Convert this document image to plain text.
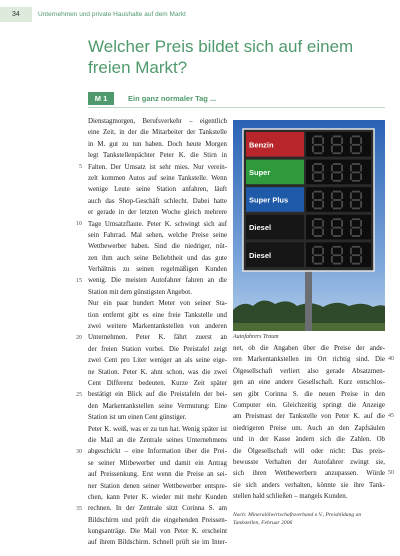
34	Unternehmen und private Haushalte auf dem Markt
Welcher Preis bildet sich auf einem
freien Markt?
M 1	Ein ganz normaler Tag ...
Dienstagmorgen, Berufsverkehr – eigentlich
eine Zeit, in der die Mitarbeiter der Tankstelle
in M. gut zu tun haben. Doch heute Morgen
legt Tankstellenpächter Peter K. die Stirn in
Falten. Der Umsatz ist sehr mies. Nur verein-
zelt kommen Autos auf seine Tankstelle. Wenn
wenige Leute seine Station anfahren, läuft
auch das Shop-Geschäft schlecht. Dabei hatte
er gerade in der letzten Woche gleich mehrere
Tage Umsatzflaute. Peter K. schwingt sich auf
sein Fahrrad. Mal sehen, welche Preise seine
Wettbewerber haben. Sind die niedriger, nüt-
zen ihm auch seine Beliebtheit und das gute
Verhältnis zu seinen regelmäßigen Kunden
wenig. Die meisten Autofahrer fahren an die
Station mit dem günstigsten Angebot.
Nur ein paar hundert Meter von seiner Sta-
tion entfernt gibt es eine freie Tankstelle und
zwei weitere Markentankstellen von anderen
Unternehmen. Peter K. fährt zuerst an
der freien Station vorbei. Die Preistafel zeigt
zwei Cent pro Liter weniger an als seine eige-
ne Station. Peter K. ahnt schon, was die zwei
Cent Differenz bedeuten. Kurze Zeit später
bestätigt ein Blick auf die Preistafeln der bei-
den Markentankstellen seine Vermutung: Eine
Station ist um einen Cent günstiger.
Peter K. weiß, was er zu tun hat. Wenig später ist
die Mail an die Zentrale seines Unternehmens
abgeschickt – eine Information über die Prei-
se seiner Mitbewerber und damit ein Antrag
auf Preissenkung. Erst wenn die Preise an sei-
ner Station denen seiner Wettbewerber entspre-
chen, kann Peter K. wieder mit mehr Kunden
rechnen. In der Zentrale sitzt Corinna S. am
Bildschirm und prüft die eingehenden Preissen-
kungsanträge. Die Mail von Peter K. erscheint
auf ihrem Bildschirm. Schnell prüft sie im Inter-
Benzin
Super
Super Plus
Diesel
Diesel
Autofahrers Traum
net, ob die Angaben über die Preise der ande-
ren Markentankstellen im Ort richtig sind. Die
Ölgesellschaft verliert also gerade Absatzmen-
gen an eine andere Gesellschaft. Kurz entschlos-
sen gibt Corinna S. die neuen Preise in den
Computer ein. Gleichzeitig springt die Anzeige
am Preismast der Tankstelle von Peter K. auf die
niedrigeren Preise um. Auch an den Zapfsäulen
und in der Kasse ändern sich die Zahlen. Ob
die Ölgesellschaft will oder nicht: Das preis-
bewusste Verhalten der Autofahrer zwingt sie,
sich ihren Wettbewerbern anzupassen. Würde
sie sich anders verhalten, könnte sie ihre Tank-
stellen bald schließen – mangels Kunden.
Nach: Mineralölwirtschaftsverband e.V., Preisbildung an
Tankstellen, Februar 2006
5
10
15
20
25
30
35
40
45
50
